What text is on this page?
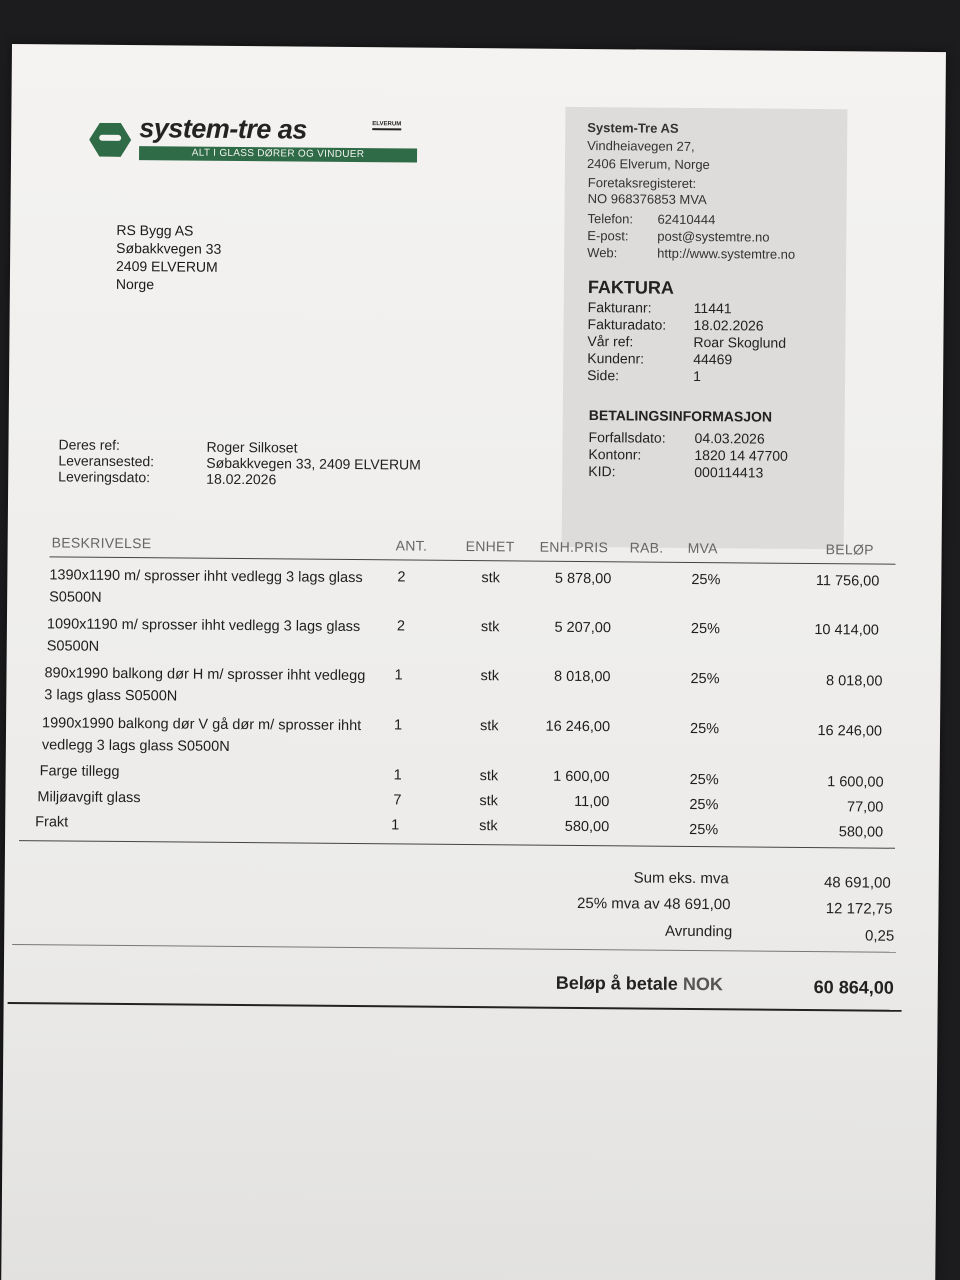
system-tre as	ELVERUM
ALT I GLASS DØRER OG VINDUER
RS Bygg AS
Søbakkvegen 33
2409 ELVERUM
Norge
System-Tre AS
Vindheiavegen 27,
2406 Elverum, Norge
Foretaksregisteret:
NO 968376853 MVA
Telefon: 62410444
E-post: post@systemtre.no
Web:	http://www.systemtre.no
FAKTURA
Fakturanr:	11441
Fakturadato: 18.02.2026
Vår ref:	Roar Skoglund
Kundenr:	44469
Side:	1
BETALINGSINFORMASJON
Forfallsdato: 04.03.2026
Kontonr:	1820 14 47700
KID:	000114413
Deres ref:	Roger Silkoset
Leveransested:	Søbakkvegen 33, 2409 ELVERUM
Leveringsdato:	18.02.2026
BESKRIVELSE	ANT.	ENHET ENH.PRIS RAB. MVA	BELØP
1390x1190 m/ sprosser ihht vedlegg 3 lags glass
S0500N
2	stk	5 878,00	25%	11 756,00
1090x1190 m/ sprosser ihht vedlegg 3 lags glass
S0500N
2	stk	5 207,00	25%	10 414,00
890x1990 balkong dør H m/ sprosser ihht vedlegg
3 lags glass S0500N
1	stk	8 018,00	25%	8 018,00
1990x1990 balkong dør V gå dør m/ sprosser ihht
vedlegg 3 lags glass S0500N
1	stk	16 246,00	25%	16 246,00
Farge tillegg	1	stk	1 600,00	25%	1 600,00
Miljøavgift glass	7	stk	11,00	25%	77,00
Frakt	1	stk	580,00	25%	580,00
Sum eks. mva	48 691,00
25% mva av 48 691,00	12 172,75
Avrunding	0,25
Beløp å betale NOK	60 864,00
